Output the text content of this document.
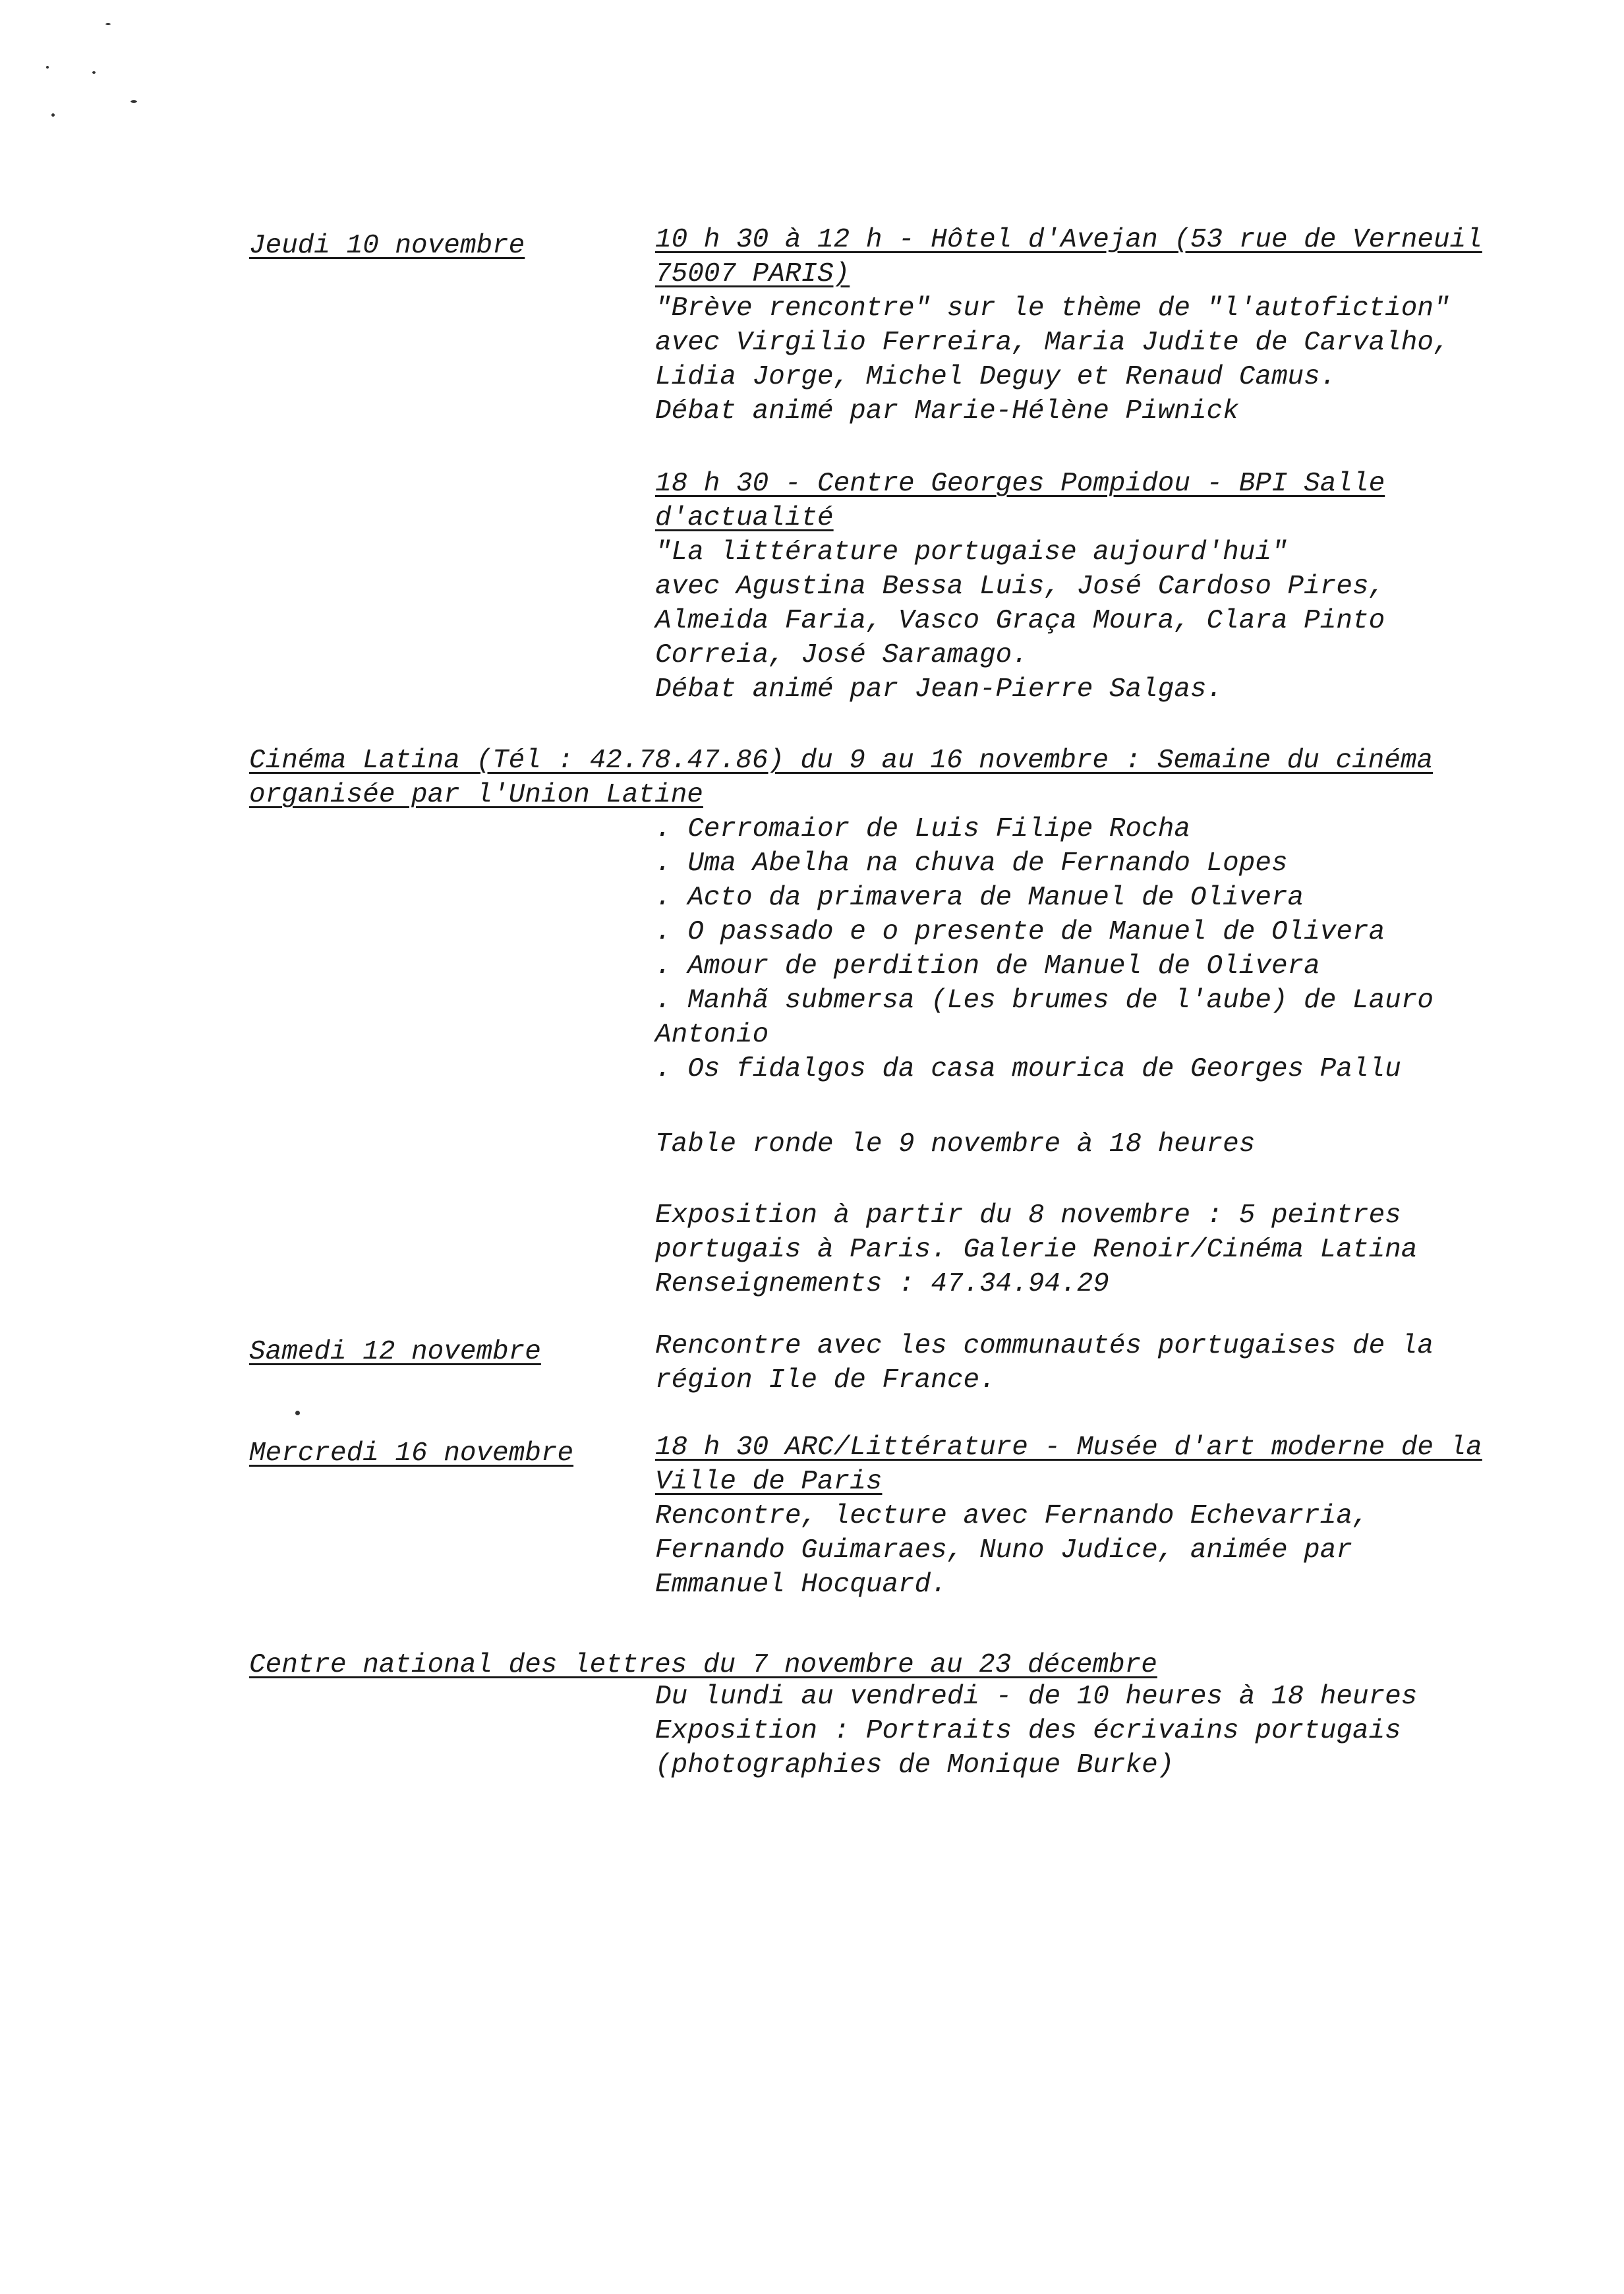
Jeudi 10 novembre	10 h 30 à 12 h - Hôtel d'Avejan (53 rue de Verneuil
75007 PARIS)
"Brève rencontre" sur le thème de "l'autofiction"
avec Virgilio Ferreira, Maria Judite de Carvalho,
Lidia Jorge, Michel Deguy et Renaud Camus.
Débat animé par Marie-Hélène Piwnick
18 h 30 - Centre Georges Pompidou - BPI Salle
d'actualité
"La littérature portugaise aujourd'hui"
avec Agustina Bessa Luis, José Cardoso Pires,
Almeida Faria, Vasco Graça Moura, Clara Pinto
Correia, José Saramago.
Débat animé par Jean-Pierre Salgas.
Cinéma Latina (Tél : 42.78.47.86) du 9 au 16 novembre : Semaine du cinéma
organisée par l'Union Latine
. Cerromaior de Luis Filipe Rocha
. Uma Abelha na chuva de Fernando Lopes
. Acto da primavera de Manuel de Olivera
. O passado e o presente de Manuel de Olivera
. Amour de perdition de Manuel de Olivera
. Manhã submersa (Les brumes de l'aube) de Lauro
Antonio
. Os fidalgos da casa mourica de Georges Pallu
Table ronde le 9 novembre à 18 heures
Exposition à partir du 8 novembre : 5 peintres
portugais à Paris. Galerie Renoir/Cinéma Latina
Renseignements : 47.34.94.29
Samedi 12 novembre	Rencontre avec les communautés portugaises de la
région Ile de France.
Mercredi 16 novembre	18 h 30 ARC/Littérature - Musée d'art moderne de la
Ville de Paris
Rencontre, lecture avec Fernando Echevarria,
Fernando Guimaraes, Nuno Judice, animée par
Emmanuel Hocquard.
Centre national des lettres du 7 novembre au 23 décembre
Du lundi au vendredi - de 10 heures à 18 heures
Exposition : Portraits des écrivains portugais
(photographies de Monique Burke)
